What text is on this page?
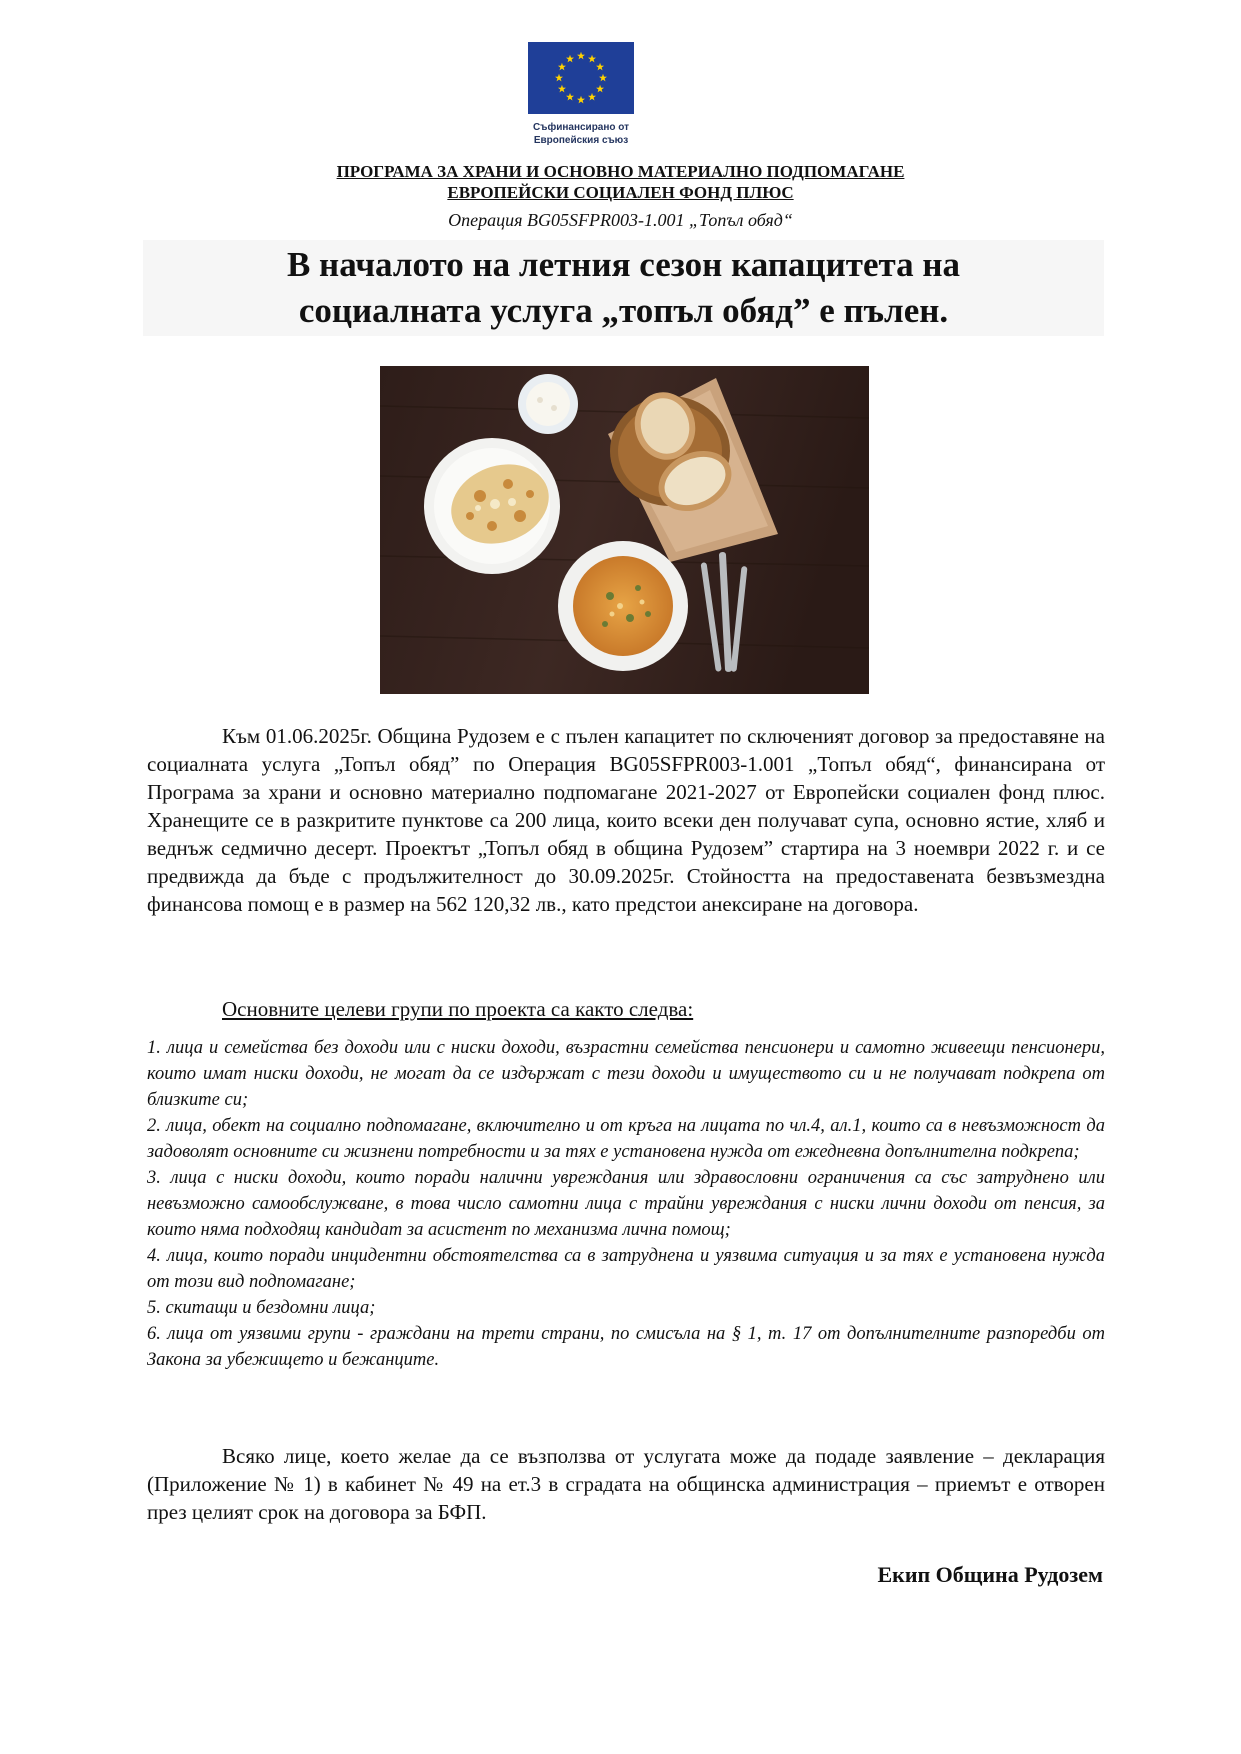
Съфинансирано от
Европейския съюз
ПРОГРАМА ЗА ХРАНИ И ОСНОВНО МАТЕРИАЛНО ПОДПОМАГАНЕ
ЕВРОПЕЙСКИ СОЦИАЛЕН ФОНД ПЛЮС
Операция BG05SFPR003-1.001 „Топъл обяд“
В началото на летния сезон капацитета на
социалната услуга „топъл обяд” е пълен.
Към 01.06.2025г. Община Рудозем е с пълен капацитет по сключеният договор за предоставяне на социалната услуга „Топъл обяд” по Операция BG05SFPR003-1.001 „Топъл обяд“, финансирана от Програма за храни и основно материално подпомагане 2021-2027 от Европейски социален фонд плюс. Хранещите се в разкритите пунктове са 200 лица, които всеки ден получават супа, основно ястие, хляб и веднъж седмично десерт. Проектът „Топъл обяд в община Рудозем” стартира на 3 ноември 2022 г. и се предвижда да бъде с продължителност до 30.09.2025г. Стойността на предоставената безвъзмездна финансова помощ е в размер на 562 120,32 лв., като предстои анексиране на договора.
Основните целеви групи по проекта са както следва:

1. лица и семейства без доходи или с ниски доходи, възрастни семейства пенсионери и самотно живеещи пенсионери, които имат ниски доходи, не могат да се издържат с тези доходи и имуществото си и не получават подкрепа от близките си;

2. лица, обект на социално подпомагане, включително и от кръга на лицата по чл.4, ал.1, които са в невъзможност да задоволят основните си жизнени потребности и за тях е установена нужда от ежедневна допълнителна подкрепа;

3. лица с ниски доходи, които поради налични увреждания или здравословни ограничения са със затруднено или невъзможно самообслужване, в това число самотни лица с трайни увреждания с ниски лични доходи от пенсия, за които няма подходящ кандидат за асистент по механизма лична помощ;

4. лица, които поради инцидентни обстоятелства са в затруднена и уязвима ситуация и за тях е установена нужда от този вид подпомагане;

5. скитащи и бездомни лица;

6. лица от уязвими групи - граждани на трети страни, по смисъла на § 1, т. 17 от допълнителните разпоредби от Закона за убежището и бежанците.

Всяко лице, което желае да се възползва от услугата може да подаде заявление – декларация (Приложение № 1) в кабинет № 49 на ет.3 в сградата на общинска администрация – приемът е отворен през целият срок на договора за БФП.
Екип Община Рудозем
